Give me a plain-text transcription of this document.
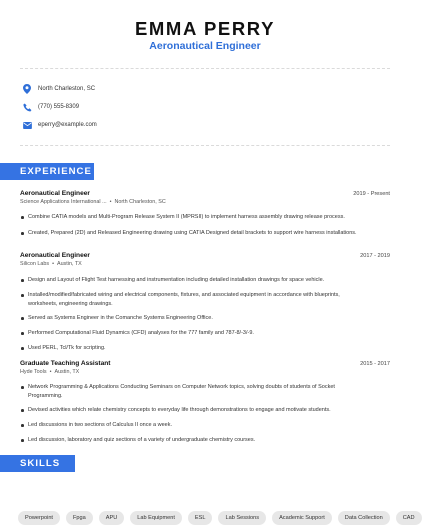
EMMA PERRY
Aeronautical Engineer
North Charleston, SC
(770) 555-8309
eperry@example.com
EXPERIENCE
Aeronautical Engineer	2019 - Present
Science Applications International ... • North Charleston, SC
Combine CATIA models and Multi-Program Release System II (MPRSII) to implement harness assembly drawing release process.
Created, Prepared (2D) and Released Engineering drawing using CATIA Designed detail brackets to support wire harness installations.
Aeronautical Engineer	2017 - 2019
Silicon Labs • Austin, TX
Design and Layout of Flight Test harnessing and instrumentation including detailed installation drawings for space vehicle.
Installed/modified/fabricated wiring and electrical components, fixtures, and associated equipment in accordance with blueprints, worksheets, engineering drawings.
Served as Systems Engineer in the Comanche Systems Engineering Office.
Performed Computational Fluid Dynamics (CFD) analyses for the 777 family and 787-8/-3/-9.
Used PERL, Tcl/Tk for scripting.
Graduate Teaching Assistant	2015 - 2017
Hyde Tools • Austin, TX
Network Programming & Applications Conducting Seminars on Computer Network topics, solving doubts of students of Socket Programming.
Devised activities which relate chemistry concepts to everyday life through demonstrations to engage and motivate students.
Led discussions in two sections of Calculus II once a week.
Led discussion, laboratory and quiz sections of a variety of undergraduate chemistry courses.
SKILLS
Powerpoint	Fpga	APU	Lab Equipment	ESL	Lab Sessions	Academic Support	Data Collection	CAD
